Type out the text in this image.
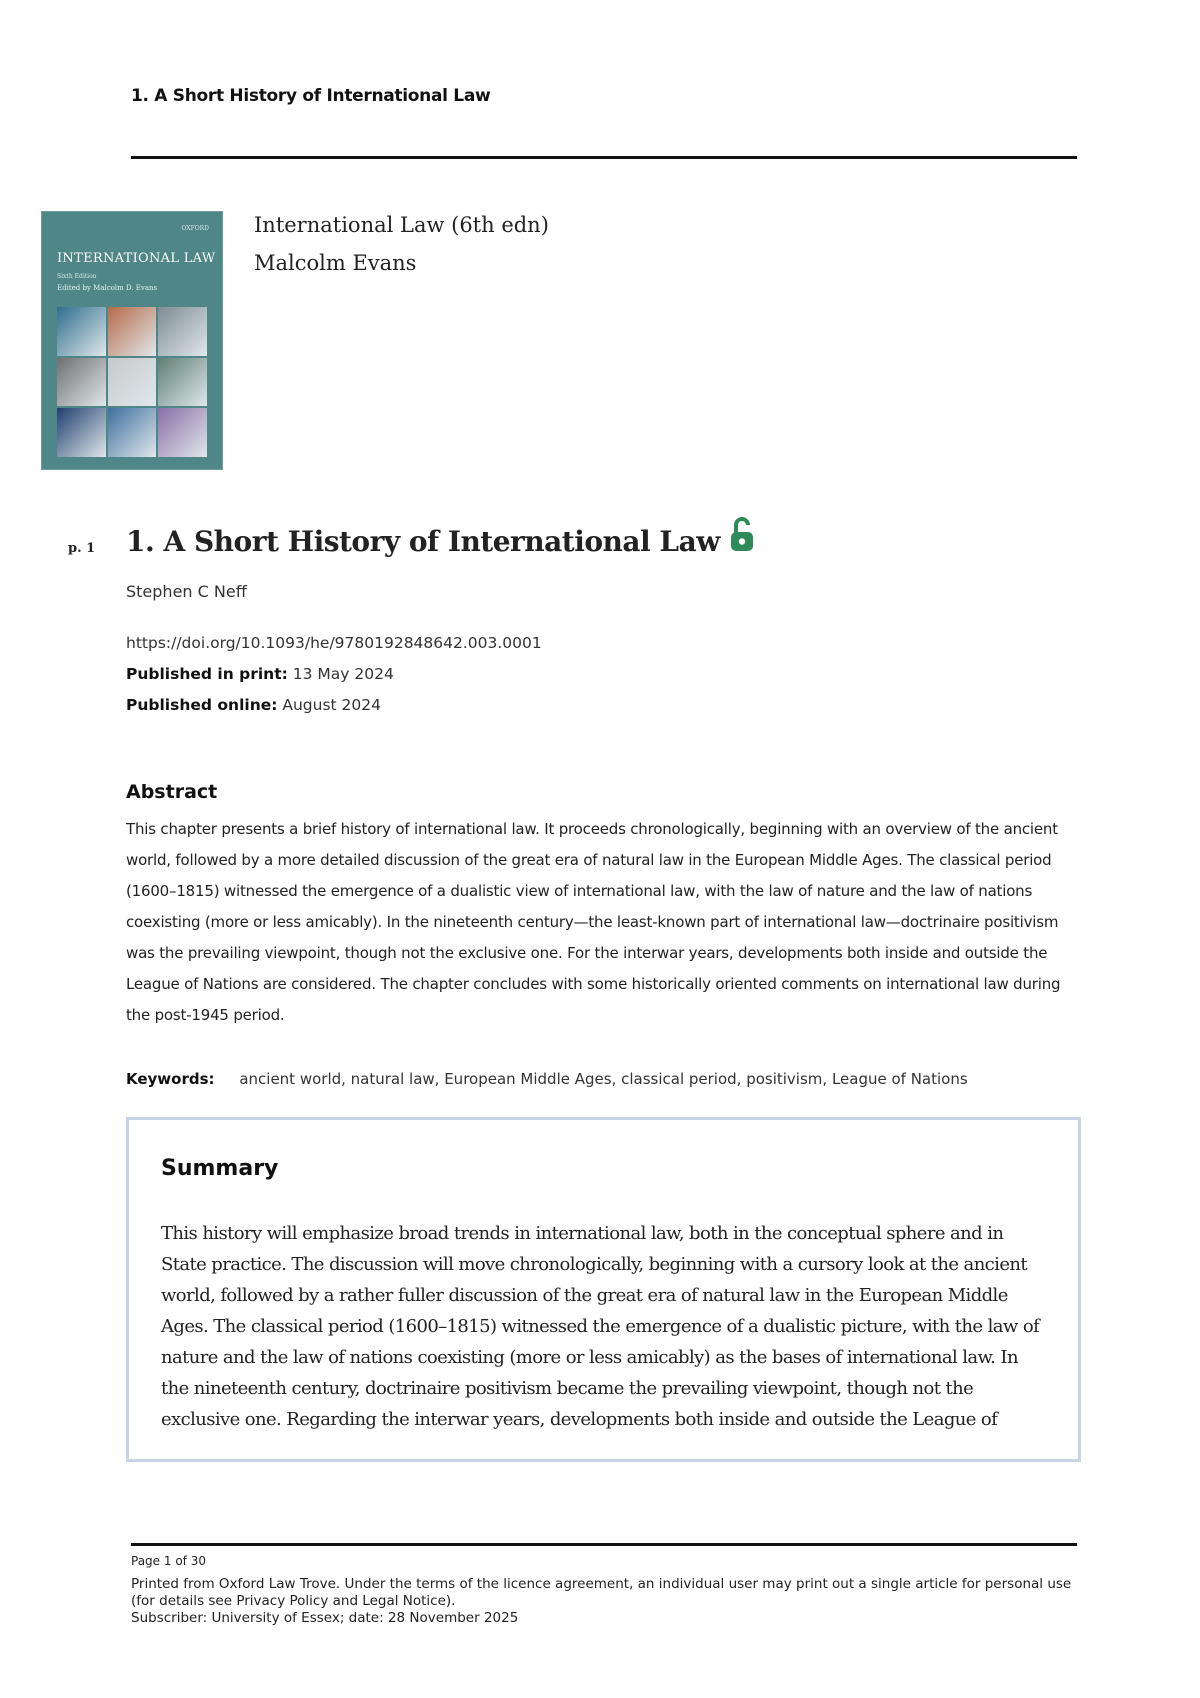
1. A Short History of International Law
OXFORD
INTERNATIONAL LAW
Sixth Edition
Edited by Malcolm D. Evans
International Law (6th edn)
Malcolm Evans
p. 1 1. A Short History of International Law
Stephen C Neff
https://doi.org/10.1093/he/9780192848642.003.0001
Published in print: 13 May 2024
Published online: August 2024
Abstract

This chapter presents a brief history of international law. It proceeds chronologically, beginning with an overview of the ancient world, followed by a more detailed discussion of the great era of natural law in the European Middle Ages. The classical period (1600–1815) witnessed the emergence of a dualistic view of international law, with the law of nature and the law of nations coexisting (more or less amicably). In the nineteenth century—the least-known part of international law—doctrinaire positivism was the prevailing viewpoint, though not the exclusive one. For the interwar years, developments both inside and outside the League of Nations are considered. The chapter concludes with some historically oriented comments on international law during the post-1945 period.

Keywords: ancient world, natural law, European Middle Ages, classical period, positivism, League of Nations
Summary

This history will emphasize broad trends in international law, both in the conceptual sphere and in State practice. The discussion will move chronologically, beginning with a cursory look at the ancient world, followed by a rather fuller discussion of the great era of natural law in the European Middle Ages. The classical period (1600–1815) witnessed the emergence of a dualistic picture, with the law of nature and the law of nations coexisting (more or less amicably) as the bases of international law. In the nineteenth century, doctrinaire positivism became the prevailing viewpoint, though not the exclusive one. Regarding the interwar years, developments both inside and outside the League of

Page 1 of 30
Printed from Oxford Law Trove. Under the terms of the licence agreement, an individual user may print out a single article for personal use (for details see Privacy Policy and Legal Notice).
Subscriber: University of Essex; date: 28 November 2025
